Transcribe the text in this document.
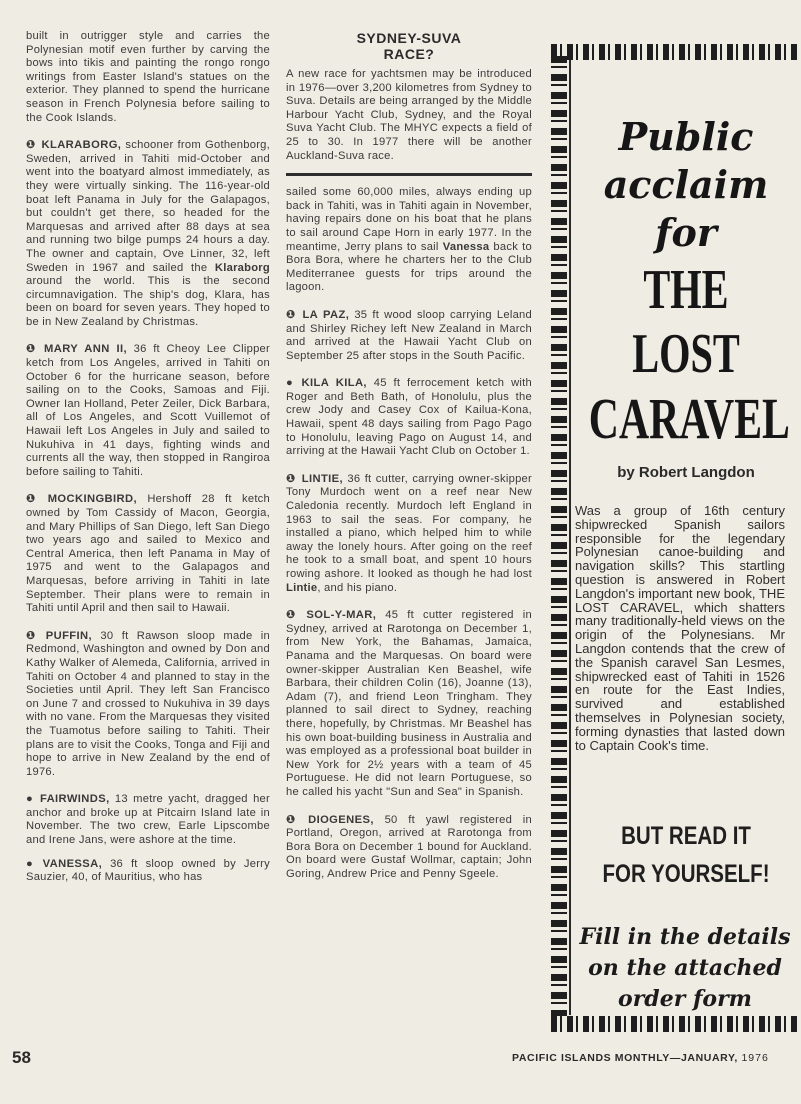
built in outrigger style and carries the Polynesian motif even further by carving the bows into tikis and painting the rongo rongo writings from Easter Island's statues on the exterior. They planned to spend the hurricane season in French Polynesia before sailing to the Cook Islands.

❶ KLARABORG, schooner from Gothenborg, Sweden, arrived in Tahiti mid-October and went into the boatyard almost immediately, as they were virtually sinking. The 116-year-old boat left Panama in July for the Galapagos, but couldn't get there, so headed for the Marquesas and arrived after 88 days at sea and running two bilge pumps 24 hours a day. The owner and captain, Ove Linner, 32, left Sweden in 1967 and sailed the Klaraborg around the world. This is the second circumnavigation. The ship's dog, Klara, has been on board for seven years. They hoped to be in New Zealand by Christmas.

❶ MARY ANN II, 36 ft Cheoy Lee Clipper ketch from Los Angeles, arrived in Tahiti on October 6 for the hurricane season, before sailing on to the Cooks, Samoas and Fiji. Owner Ian Holland, Peter Zeiler, Dick Barbara, all of Los Angeles, and Scott Vuillemot of Hawaii left Los Angeles in July and sailed to Nukuhiva in 41 days, fighting winds and currents all the way, then stopped in Rangiroa before sailing to Tahiti.

❶ MOCKINGBIRD, Hershoff 28 ft ketch owned by Tom Cassidy of Macon, Georgia, and Mary Phillips of San Diego, left San Diego two years ago and sailed to Mexico and Central America, then left Panama in May of 1975 and went to the Galapagos and Marquesas, before arriving in Tahiti in late September. Their plans were to remain in Tahiti until April and then sail to Hawaii.

❶ PUFFIN, 30 ft Rawson sloop made in Redmond, Washington and owned by Don and Kathy Walker of Alemeda, California, arrived in Tahiti on October 4 and planned to stay in the Societies until April. They left San Francisco on June 7 and crossed to Nukuhiva in 39 days with no vane. From the Marquesas they visited the Tuamotus before sailing to Tahiti. Their plans are to visit the Cooks, Tonga and Fiji and hope to arrive in New Zealand by the end of 1976.

● FAIRWINDS, 13 metre yacht, dragged her anchor and broke up at Pitcairn Island late in November. The two crew, Earle Lipscombe and Irene Jans, were ashore at the time.

● VANESSA, 36 ft sloop owned by Jerry Sauzier, 40, of Mauritius, who has

SYDNEY-SUVA
RACE?

A new race for yachtsmen may be introduced in 1976—over 3,200 kilometres from Sydney to Suva. Details are being arranged by the Middle Harbour Yacht Club, Sydney, and the Royal Suva Yacht Club. The MHYC expects a field of 25 to 30. In 1977 there will be another Auckland-Suva race.

sailed some 60,000 miles, always ending up back in Tahiti, was in Tahiti again in November, having repairs done on his boat that he plans to sail around Cape Horn in early 1977. In the meantime, Jerry plans to sail Vanessa back to Bora Bora, where he charters her to the Club Mediterranee guests for trips around the lagoon.

❶ LA PAZ, 35 ft wood sloop carrying Leland and Shirley Richey left New Zealand in March and arrived at the Hawaii Yacht Club on September 25 after stops in the South Pacific.

● KILA KILA, 45 ft ferrocement ketch with Roger and Beth Bath, of Honolulu, plus the crew Jody and Casey Cox of Kailua-Kona, Hawaii, spent 48 days sailing from Pago Pago to Honolulu, leaving Pago on August 14, and arriving at the Hawaii Yacht Club on October 1.

❶ LINTIE, 36 ft cutter, carrying owner-skipper Tony Murdoch went on a reef near New Caledonia recently. Murdoch left England in 1963 to sail the seas. For company, he installed a piano, which helped him to while away the lonely hours. After going on the reef he took to a small boat, and spent 10 hours rowing ashore. It looked as though he had lost Lintie, and his piano.

❶ SOL-Y-MAR, 45 ft cutter registered in Sydney, arrived at Rarotonga on December 1, from New York, the Bahamas, Jamaica, Panama and the Marquesas. On board were owner-skipper Australian Ken Beashel, wife Barbara, their children Colin (16), Joanne (13), Adam (7), and friend Leon Tringham. They planned to sail direct to Sydney, reaching there, hopefully, by Christmas. Mr Beashel has his own boat-building business in Australia and was employed as a professional boat builder in New York for 2½ years with a team of 45 Portuguese. He did not learn Portuguese, so he called his yacht "Sun and Sea" in Spanish.

❶ DIOGENES, 50 ft yawl registered in Portland, Oregon, arrived at Rarotonga from Bora Bora on December 1 bound for Auckland. On board were Gustaf Wollmar, captain; John Goring, Andrew Price and Penny Sgeele.

Public
acclaim
for
THE
LOST
CARAVEL
by Robert Langdon

Was a group of 16th century shipwrecked Spanish sailors responsible for the legendary Polynesian canoe-building and navigation skills? This startling question is answered in Robert Langdon's important new book, THE LOST CARAVEL, which shatters many traditionally-held views on the origin of the Polynesians. Mr Langdon contends that the crew of the Spanish caravel San Lesmes, shipwrecked east of Tahiti in 1526 en route for the East Indies, survived and established themselves in Polynesian society, forming dynasties that lasted down to Captain Cook's time.

BUT READ IT
FOR YOURSELF!
Fill in the details
on the attached
order form
58	PACIFIC ISLANDS MONTHLY—JANUARY, 1976
